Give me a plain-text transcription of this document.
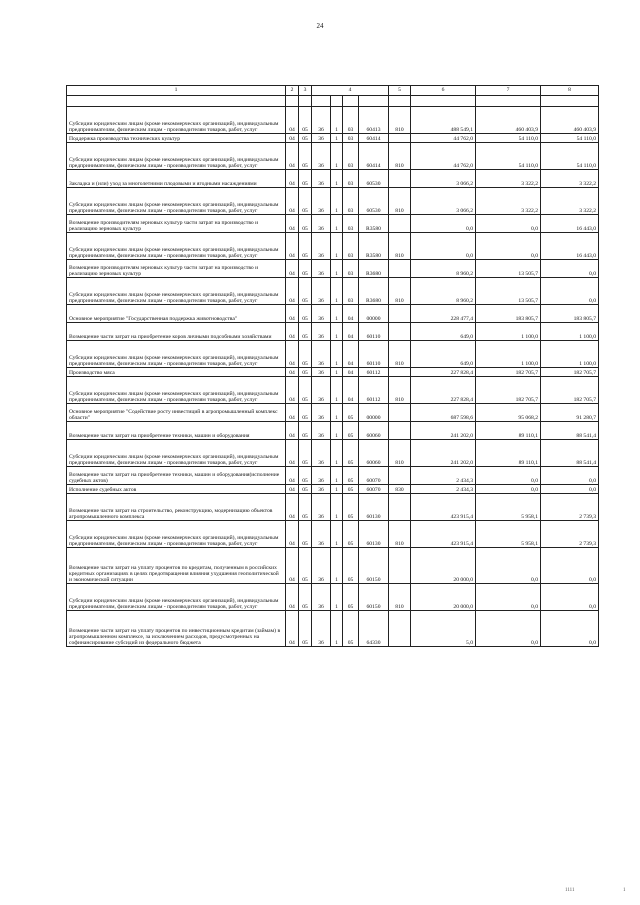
24
1	2	3	4				5	6	7	8

Субсидии юридическим лицам (кроме некоммерческих организаций), индивидуальным предпринимателям, физическим лицам - производителям товаров, работ, услуг	04	05	36	1	03	60413	810	488 549,1	460 403,9	460 403,9
Поддержка производства технических культур	04	05	36	1	03	60414		44 762,0	54 110,0	54 110,0
Субсидии юридическим лицам (кроме некоммерческих организаций), индивидуальным предпринимателям, физическим лицам - производителям товаров, работ, услуг	04	05	36	1	03	60414	810	44 762,0	54 110,0	54 110,0
Закладка и (или) уход за многолетними плодовыми и ягодными насаждениями	04	05	36	1	03	60530		3 066,2	3 322,2	3 322,2
Субсидии юридическим лицам (кроме некоммерческих организаций), индивидуальным предпринимателям, физическим лицам - производителям товаров, работ, услуг	04	05	36	1	03	60530	810	3 066,2	3 322,2	3 322,2
Возмещение производителям зерновых культур части затрат на производство и реализацию зерновых культур	04	05	36	1	03	R3580		0,0	0,0	16 443,0
Субсидии юридическим лицам (кроме некоммерческих организаций), индивидуальным предпринимателям, физическим лицам - производителям товаров, работ, услуг	04	05	36	1	03	R3580	810	0,0	0,0	16 443,0
Возмещение производителям зерновых культур части затрат на производство и реализацию зерновых культур	04	05	36	1	03	R3680		8 960,2	13 505,7	0,0
Субсидии юридическим лицам (кроме некоммерческих организаций), индивидуальным предпринимателям, физическим лицам - производителям товаров, работ, услуг	04	05	36	1	03	R3680	810	8 960,2	13 505,7	0,0
Основное мероприятие "Государственная поддержка животноводства"	04	05	36	1	04	00000		228 477,4	183 805,7	183 805,7
Возмещение части затрат на приобретение коров личными подсобными хозяйствами	04	05	36	1	04	60110		649,0	1 100,0	1 100,0
Субсидии юридическим лицам (кроме некоммерческих организаций), индивидуальным предпринимателям, физическим лицам - производителям товаров, работ, услуг	04	05	36	1	04	60110	810	649,0	1 100,0	1 100,0
Производство мяса	04	05	36	1	04	60112		227 828,4	182 705,7	182 705,7
Субсидии юридическим лицам (кроме некоммерческих организаций), индивидуальным предпринимателям, физическим лицам - производителям товаров, работ, услуг	04	05	36	1	04	60112	810	227 828,4	182 705,7	182 705,7
Основное мероприятие "Содействие росту инвестиций в агропромышленный комплекс области"	04	05	36	1	05	00000		687 598,6	95 068,2	91 280,7
Возмещение части затрат на приобретение техники, машин и оборудования	04	05	36	1	05	60060		241 202,0	89 110,1	88 541,4
Субсидии юридическим лицам (кроме некоммерческих организаций), индивидуальным предпринимателям, физическим лицам - производителям товаров, работ, услуг	04	05	36	1	05	60060	810	241 202,0	89 110,1	88 541,4
Возмещение части затрат на приобретение техники, машин и оборудования(исполнение судебных актов)	04	05	36	1	05	60070		2 434,3	0,0	0,0
Исполнение судебных актов	04	05	36	1	05	60070	830	2 434,3	0,0	0,0
Возмещение части затрат на строительство, реконструкцию, модернизацию объектов агропромышленного комплекса	04	05	36	1	05	60130		423 915,4	5 958,1	2 739,3
Субсидии юридическим лицам (кроме некоммерческих организаций), индивидуальным предпринимателям, физическим лицам - производителям товаров, работ, услуг	04	05	36	1	05	60130	810	423 915,4	5 958,1	2 739,3
Возмещение части затрат на уплату процентов по кредитам, полученным в российских кредитных организациях в целях предотвращения влияния ухудшения геополитической и экономической ситуации	04	05	36	1	05	60150		20 000,0	0,0	0,0
Субсидии юридическим лицам (кроме некоммерческих организаций), индивидуальным предпринимателям, физическим лицам - производителям товаров, работ, услуг	04	05	36	1	05	60150	810	20 000,0	0,0	0,0
Возмещение части затрат на уплату процентов по инвестиционным кредитам (займам) в агропромышленном комплексе, за исключением расходов, предусмотренных на софинансирование субсидий из федерального бюджета	04	05	36	1	05	64330		5,0	0,0	0,0
1111	1
